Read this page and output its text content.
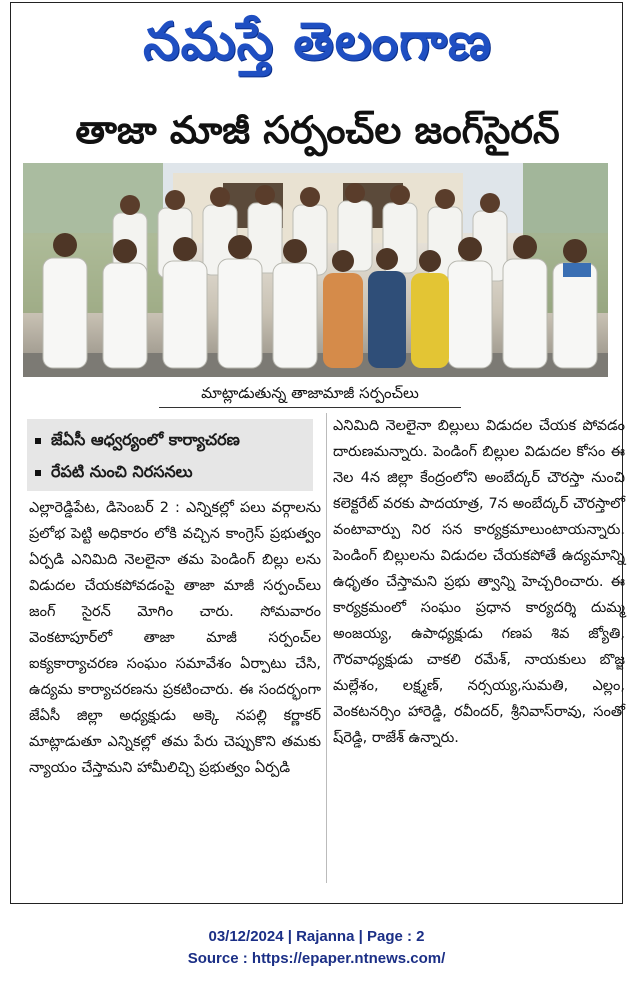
నమస్తే తెలంగాణ
తాజా మాజీ సర్పంచ్‌ల జంగ్‌సైరన్
మాట్లాడుతున్న తాజామాజీ సర్పంచ్‌లు
జేఏసీ ఆధ్వర్యంలో కార్యాచరణ
రేపటి నుంచి నిరసనలు
ఎల్లారెడ్డిపేట, డిసెంబర్ 2 : ఎన్నికల్లో పలు వర్గాలను ప్రలోభ పెట్టి అధికారం లోకి వచ్చిన కాంగ్రెస్ ప్రభుత్వం ఏర్పడి ఎనిమిది నెలలైనా తమ పెండింగ్ బిల్లు లను విడుదల చేయకపోవడంపై తాజా మాజీ సర్పంచ్‌లు జంగ్ సైరన్ మోగిం చారు. సోమవారం వెంకటాపూర్‌లో తాజా మాజీ సర్పంచ్‌ల ఐక్యకార్యాచరణ సంఘం సమావేశం ఏర్పాటు చేసి, ఉద్యమ కార్యాచరణను ప్రకటించారు. ఈ సందర్భంగా జేఏసీ జిల్లా అధ్యక్షుడు అక్కె నపల్లి కర్ణాకర్ మాట్లాడుతూ ఎన్నికల్లో తమ పేరు చెప్పుకొని తమకు న్యాయం చేస్తామని హామీలిచ్చి ప్రభుత్వం ఏర్పడి
ఎనిమిది నెలలైనా బిల్లులు విడుదల చేయక పోవడం దారుణమన్నారు. పెండింగ్ బిల్లుల విడుదల కోసం ఈ నెల 4న జిల్లా కేంద్రంలోని అంబేద్కర్ చౌరస్తా నుంచి కలెక్టరేట్ వరకు పాదయాత్ర, 7న అంబేద్కర్ చౌరస్తాలో వంటావార్పు నిర సన కార్యక్రమాలుంటాయన్నారు. పెండింగ్ బిల్లులను విడుదల చేయకపోతే ఉద్యమాన్ని ఉధృతం చేస్తామని ప్రభు త్వాన్ని హెచ్చరించారు. ఈ కార్యక్రమంలో సంఘం ప్రధాన కార్యదర్శి దుమ్మ అంజయ్య, ఉపాధ్యక్షుడు గణప శివ జ్యోతి, గౌరవాధ్యక్షుడు చాకలి రమేశ్, నాయకులు బొజ్జ మల్లేశం, లక్ష్మణ్, నర్సయ్య,సుమతి, ఎల్లం, వెంకటనర్సిం హారెడ్డి, రవీందర్, శ్రీనివాస్‌రావు, సంతో ష్‌రెడ్డి, రాజేశ్ ఉన్నారు.
03/12/2024 | Rajanna | Page : 2
Source : https://epaper.ntnews.com/
